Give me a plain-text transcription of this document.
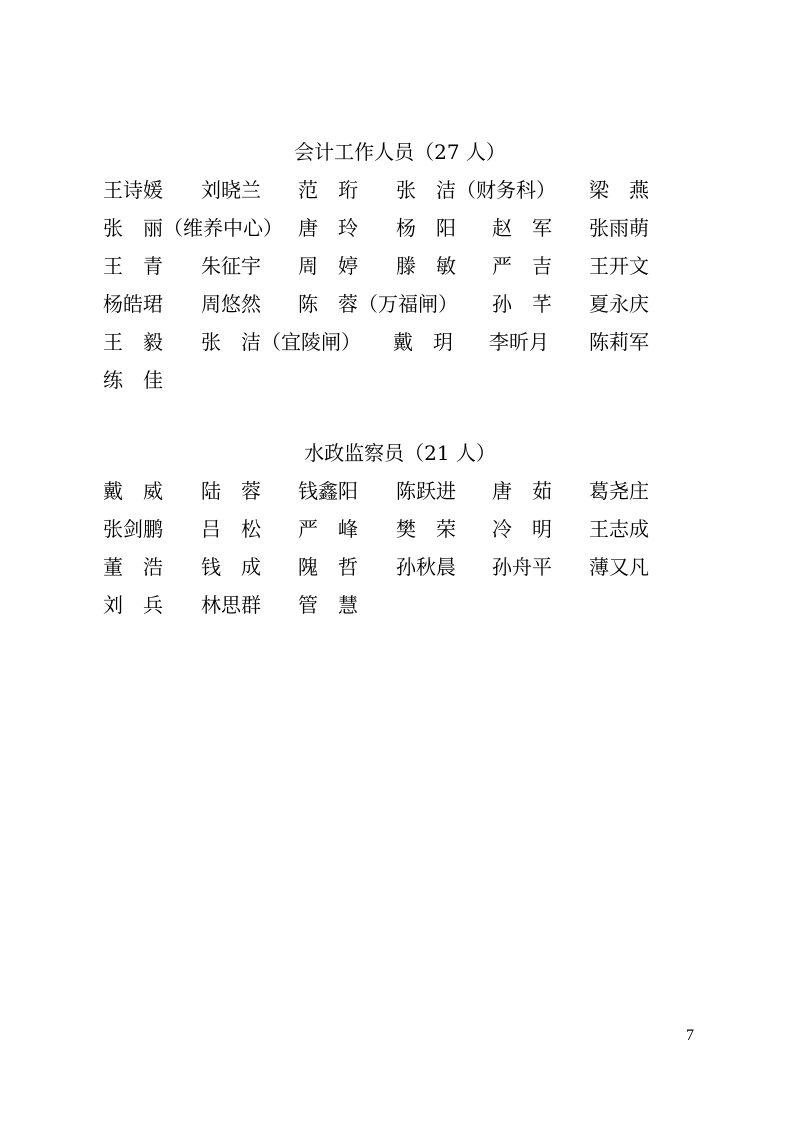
会计工作人员（27 人）
王诗媛 刘晓兰 范　珩 张　洁（财务科） 梁　燕
张　丽（维养中心） 唐　玲 杨　阳 赵　军 张雨萌
王　青 朱征宇 周　婷 滕　敏 严　吉 王开文
杨皓珺 周悠然 陈　蓉（万福闸） 孙　芊 夏永庆
王　毅 张　洁（宜陵闸） 戴　玥 李昕月 陈莉军
练　佳
水政监察员（21 人）
戴　威 陆　蓉 钱鑫阳 陈跃进 唐　茹 葛尧庄
张剑鹏 吕　松 严　峰 樊　荣 冷　明 王志成
董　浩 钱　成 隗　哲 孙秋晨 孙舟平 薄又凡
刘　兵 林思群 管　慧
7
